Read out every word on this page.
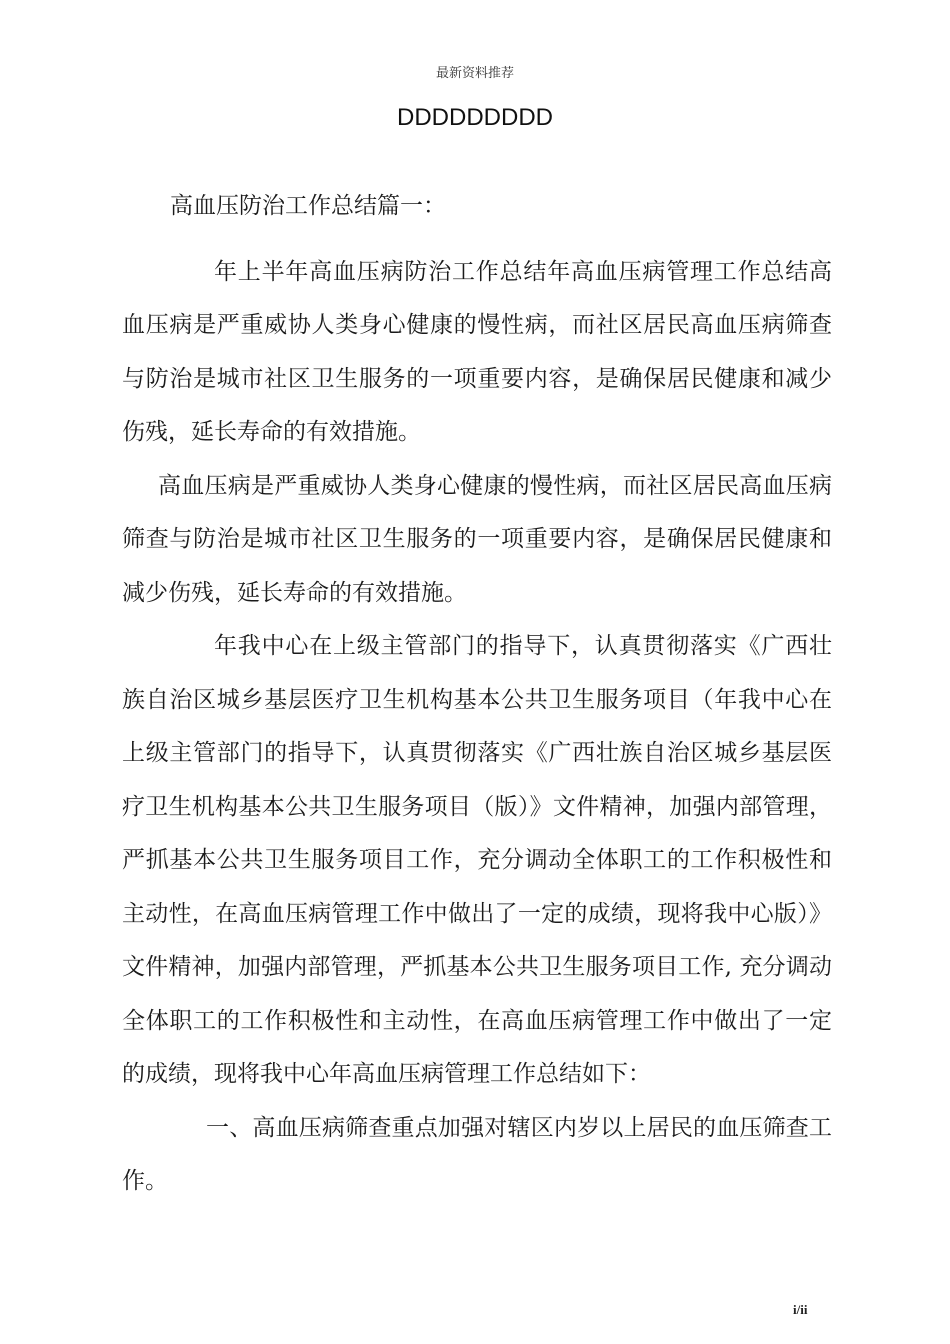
最新资料推荐
DDDDDDDDD

高血压防治工作总结篇一：

年上半年高血压病防治工作总结年高血压病管理工作总结高血压病是严重威协人类身心健康的慢性病，而社区居民高血压病筛查与防治是城市社区卫生服务的一项重要内容，是确保居民健康和减少伤残，延长寿命的有效措施。

高血压病是严重威协人类身心健康的慢性病，而社区居民高血压病筛查与防治是城市社区卫生服务的一项重要内容，是确保居民健康和减少伤残，延长寿命的有效措施。

年我中心在上级主管部门的指导下，认真贯彻落实《广西壮族自治区城乡基层医疗卫生机构基本公共卫生服务项目（年我中心在上级主管部门的指导下，认真贯彻落实《广西壮族自治区城乡基层医疗卫生机构基本公共卫生服务项目（版）》文件精神，加强内部管理，严抓基本公共卫生服务项目工作，充分调动全体职工的工作积极性和主动性，在高血压病管理工作中做出了一定的成绩，现将我中心版）》文件精神，加强内部管理，严抓基本公共卫生服务项目工作, 充分调动全体职工的工作积极性和主动性，在高血压病管理工作中做出了一定的成绩，现将我中心年高血压病管理工作总结如下：

一、高血压病筛查重点加强对辖区内岁以上居民的血压筛查工作。

i/ii
